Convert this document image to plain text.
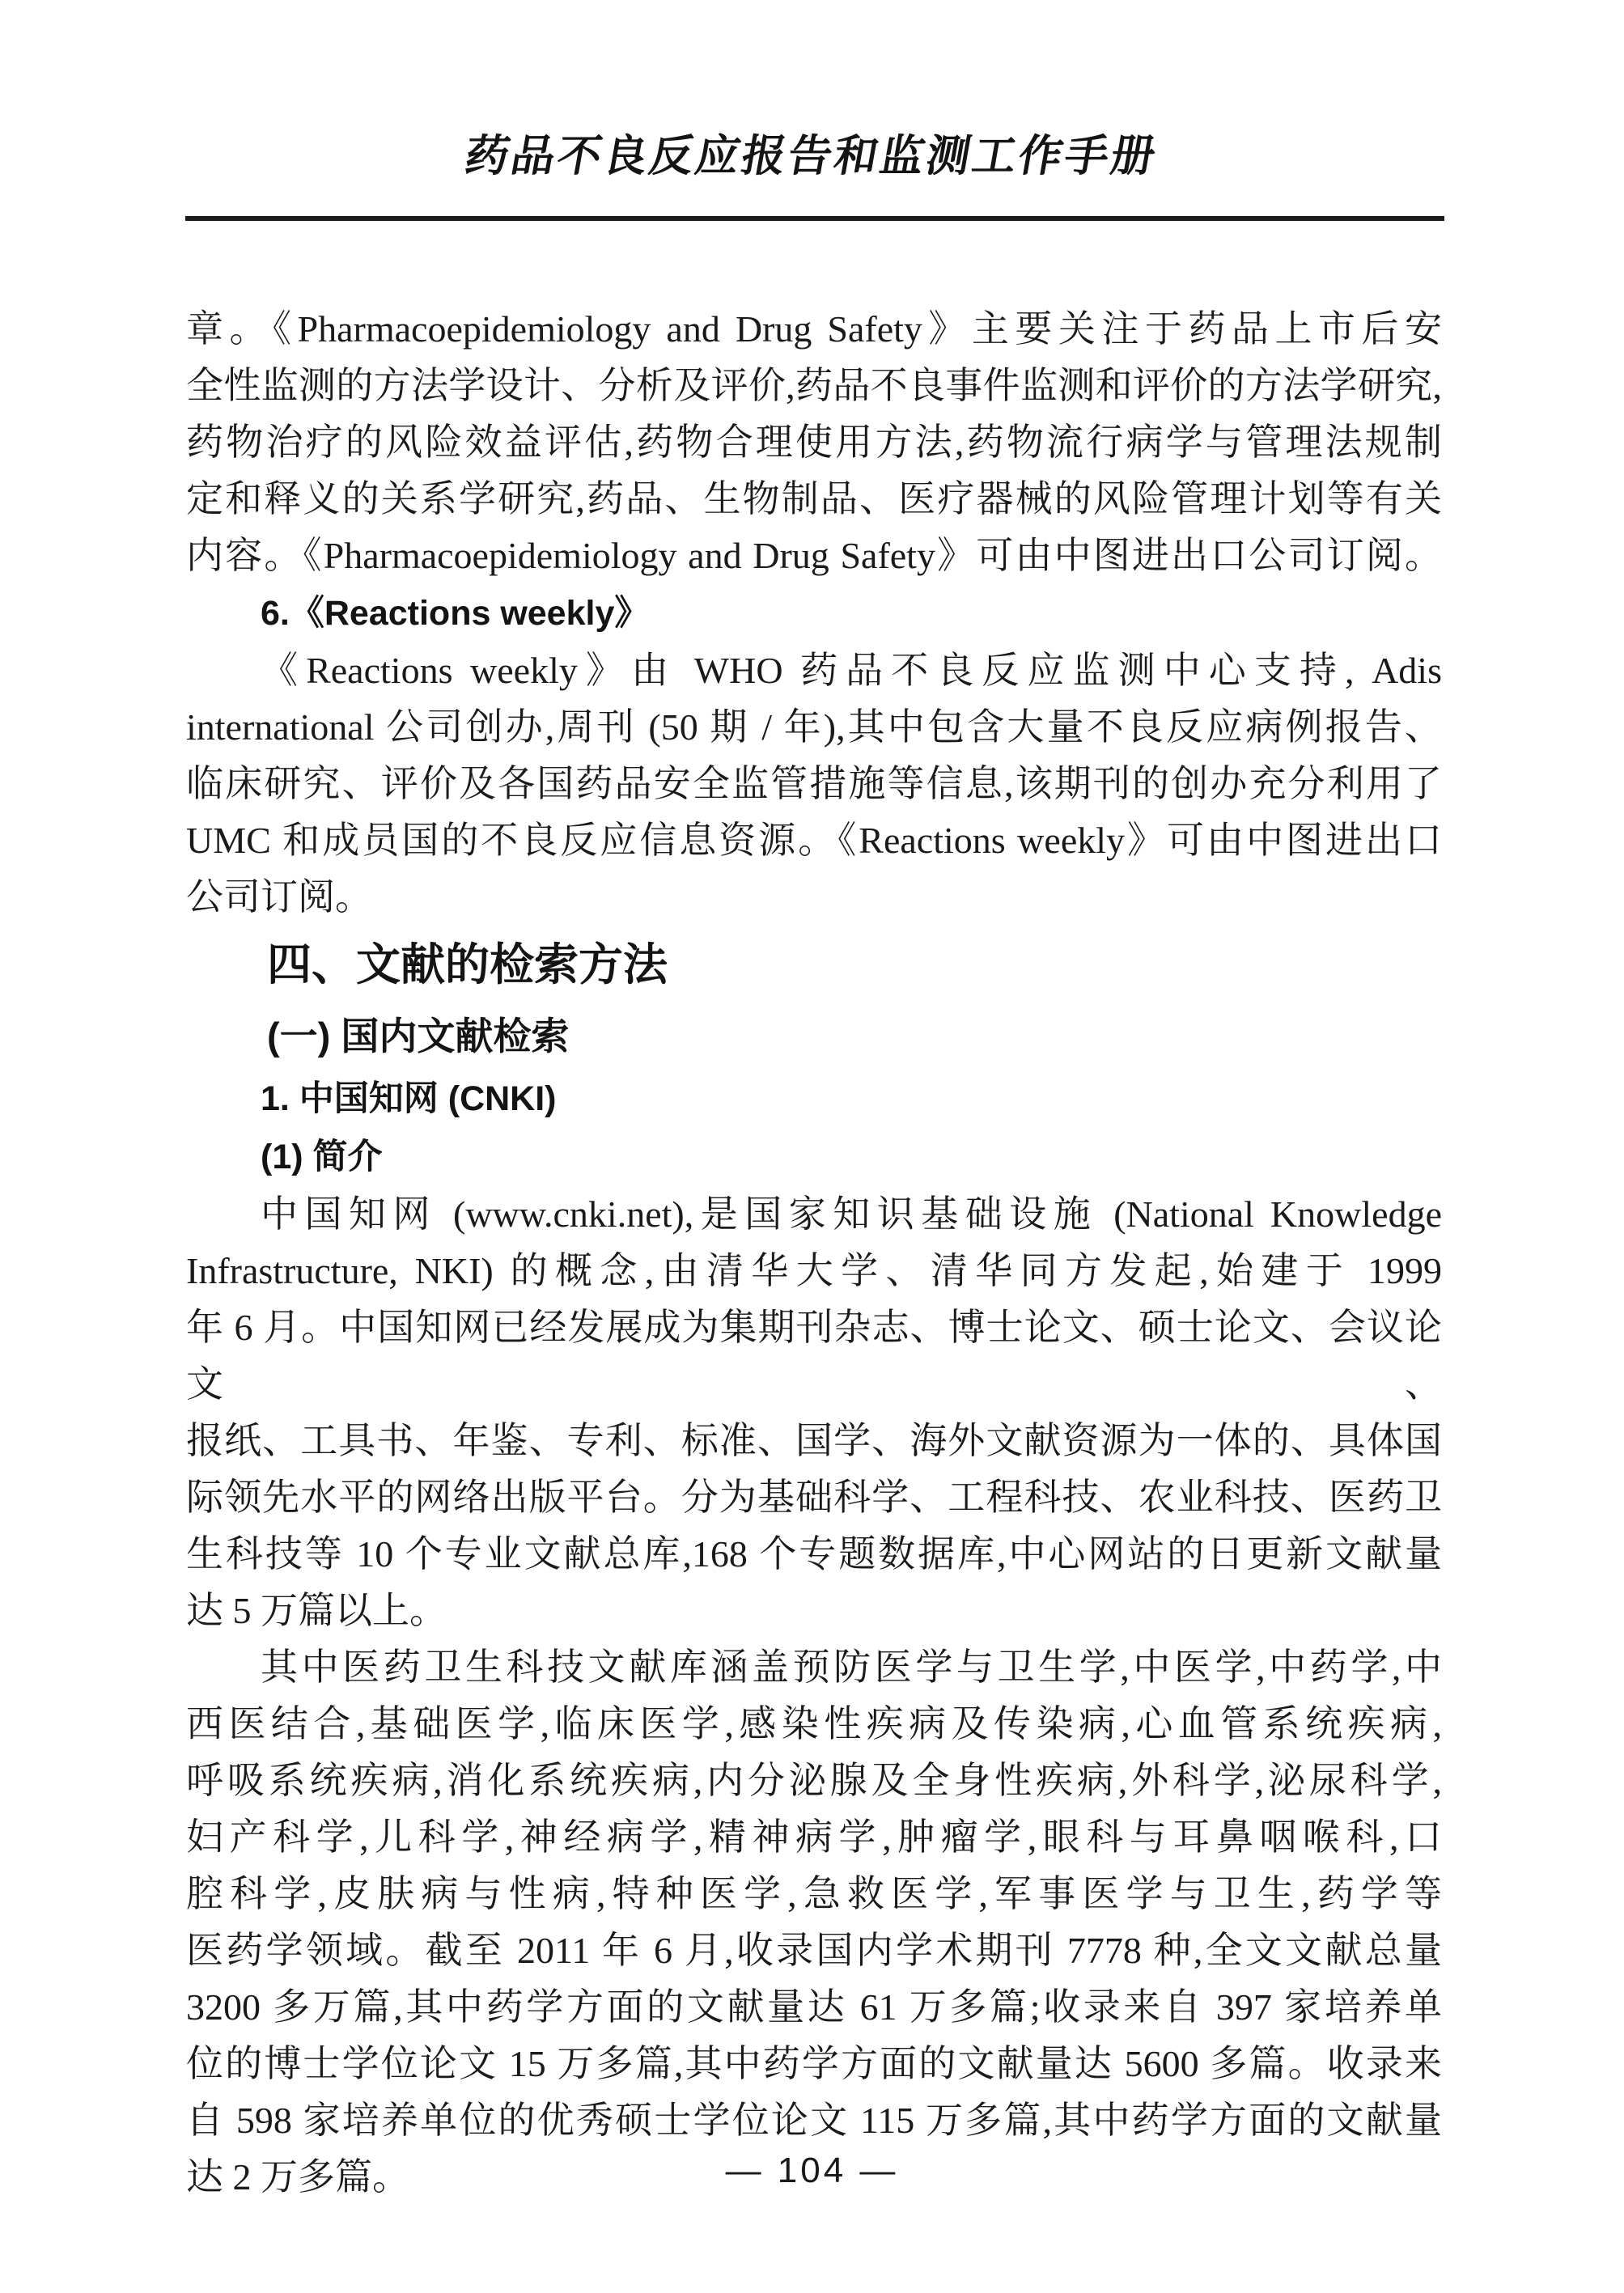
药品不良反应报告和监测工作手册
章。《Pharmacoepidemiology and Drug Safety》主要关注于药品上市后安
全性监测的方法学设计、分析及评价,药品不良事件监测和评价的方法学研究,
药物治疗的风险效益评估,药物合理使用方法,药物流行病学与管理法规制
定和释义的关系学研究,药品、生物制品、医疗器械的风险管理计划等有关
内容。《Pharmacoepidemiology and Drug Safety》可由中图进出口公司订阅。
6.《Reactions weekly》
《Reactions weekly》由 WHO 药品不良反应监测中心支持, Adis
international 公司创办,周刊 (50 期 / 年),其中包含大量不良反应病例报告、
临床研究、评价及各国药品安全监管措施等信息,该期刊的创办充分利用了
UMC 和成员国的不良反应信息资源。《Reactions weekly》可由中图进出口
公司订阅。
四、文献的检索方法
(一) 国内文献检索
1. 中国知网 (CNKI)
(1) 简介
中国知网 (www.cnki.net),是国家知识基础设施 (National Knowledge
Infrastructure, NKI) 的概念,由清华大学、清华同方发起,始建于 1999
年 6 月。中国知网已经发展成为集期刊杂志、博士论文、硕士论文、会议论文、
报纸、工具书、年鉴、专利、标准、国学、海外文献资源为一体的、具体国
际领先水平的网络出版平台。分为基础科学、工程科技、农业科技、医药卫
生科技等 10 个专业文献总库,168 个专题数据库,中心网站的日更新文献量
达 5 万篇以上。
其中医药卫生科技文献库涵盖预防医学与卫生学,中医学,中药学,中
西医结合,基础医学,临床医学,感染性疾病及传染病,心血管系统疾病,
呼吸系统疾病,消化系统疾病,内分泌腺及全身性疾病,外科学,泌尿科学,
妇产科学,儿科学,神经病学,精神病学,肿瘤学,眼科与耳鼻咽喉科,口
腔科学,皮肤病与性病,特种医学,急救医学,军事医学与卫生,药学等
医药学领域。截至 2011 年 6 月,收录国内学术期刊 7778 种,全文文献总量
3200 多万篇,其中药学方面的文献量达 61 万多篇;收录来自 397 家培养单
位的博士学位论文 15 万多篇,其中药学方面的文献量达 5600 多篇。收录来
自 598 家培养单位的优秀硕士学位论文 115 万多篇,其中药学方面的文献量
达 2 万多篇。	— 104 —
